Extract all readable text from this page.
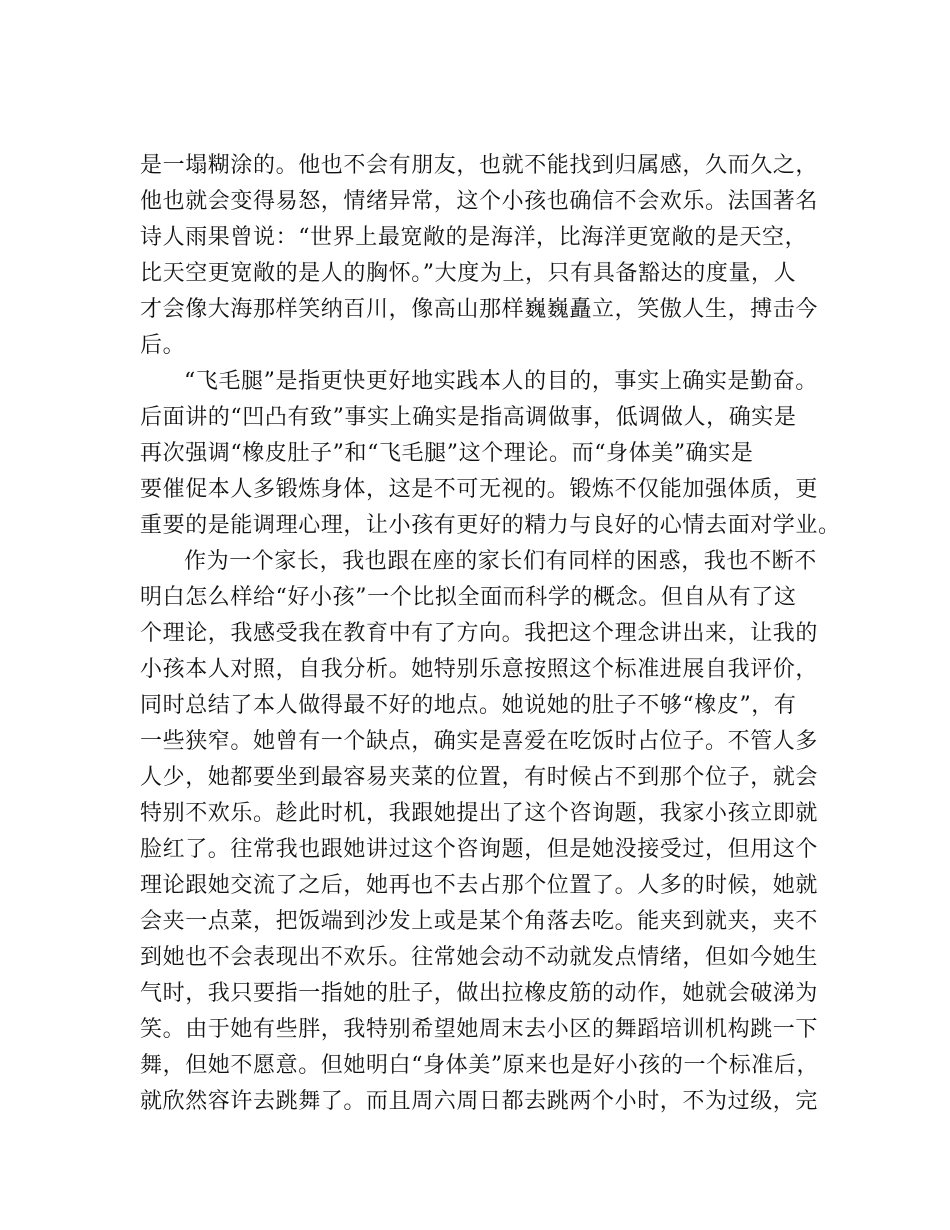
是一塌糊涂的。他也不会有朋友，也就不能找到归属感，久而久之，
他也就会变得易怒，情绪异常，这个小孩也确信不会欢乐。法国著名
诗人雨果曾说：“世界上最宽敞的是海洋，比海洋更宽敞的是天空，
比天空更宽敞的是人的胸怀。”大度为上，只有具备豁达的度量，人
才会像大海那样笑纳百川，像高山那样巍巍矗立，笑傲人生，搏击今
后。
“飞毛腿”是指更快更好地实践本人的目的，事实上确实是勤奋。
后面讲的“凹凸有致”事实上确实是指高调做事，低调做人，确实是
再次强调“橡皮肚子”和“飞毛腿”这个理论。而“身体美”确实是
要催促本人多锻炼身体，这是不可无视的。锻炼不仅能加强体质，更
重要的是能调理心理，让小孩有更好的精力与良好的心情去面对学业。
作为一个家长，我也跟在座的家长们有同样的困惑，我也不断不
明白怎么样给“好小孩”一个比拟全面而科学的概念。但自从有了这
个理论，我感受我在教育中有了方向。我把这个理念讲出来，让我的
小孩本人对照，自我分析。她特别乐意按照这个标准进展自我评价，
同时总结了本人做得最不好的地点。她说她的肚子不够“橡皮”，有
一些狭窄。她曾有一个缺点，确实是喜爱在吃饭时占位子。不管人多
人少，她都要坐到最容易夹菜的位置，有时候占不到那个位子，就会
特别不欢乐。趁此时机，我跟她提出了这个咨询题，我家小孩立即就
脸红了。往常我也跟她讲过这个咨询题，但是她没接受过，但用这个
理论跟她交流了之后，她再也不去占那个位置了。人多的时候，她就
会夹一点菜，把饭端到沙发上或是某个角落去吃。能夹到就夹，夹不
到她也不会表现出不欢乐。往常她会动不动就发点情绪，但如今她生
气时，我只要指一指她的肚子，做出拉橡皮筋的动作，她就会破涕为
笑。由于她有些胖，我特别希望她周末去小区的舞蹈培训机构跳一下
舞，但她不愿意。但她明白“身体美”原来也是好小孩的一个标准后，
就欣然容许去跳舞了。而且周六周日都去跳两个小时，不为过级，完
